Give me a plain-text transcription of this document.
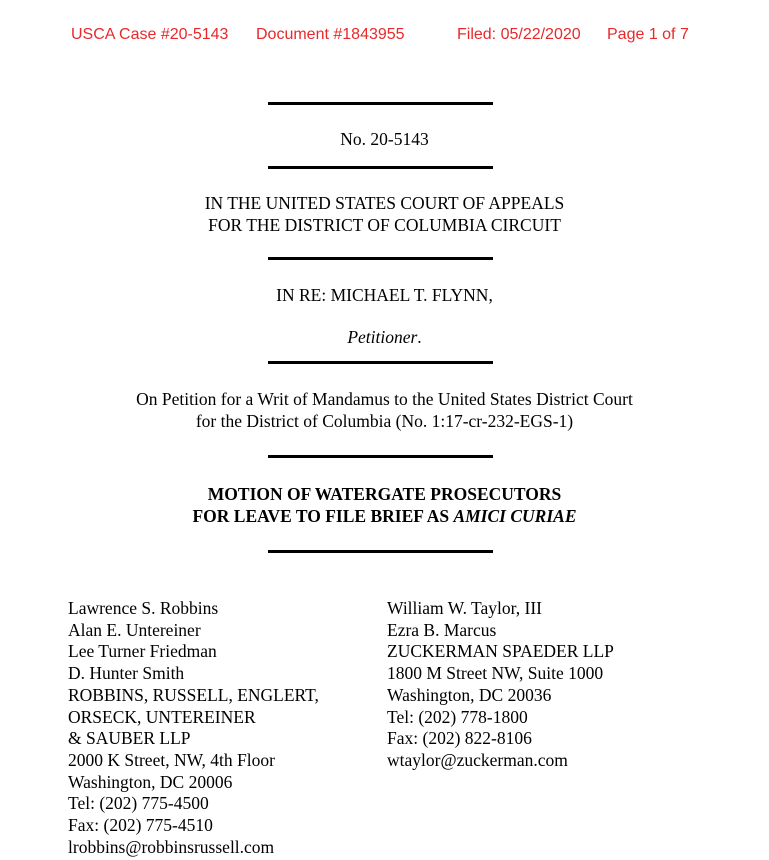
USCA Case #20-5143 Document #1843955	Filed: 05/22/2020 Page 1 of 7
No. 20-5143
IN THE UNITED STATES COURT OF APPEALS
FOR THE DISTRICT OF COLUMBIA CIRCUIT
IN RE: MICHAEL T. FLYNN,
Petitioner.
On Petition for a Writ of Mandamus to the United States District Court
for the District of Columbia (No. 1:17-cr-232-EGS-1)
MOTION OF WATERGATE PROSECUTORS
FOR LEAVE TO FILE BRIEF AS AMICI CURIAE
Lawrence S. Robbins
Alan E. Untereiner
Lee Turner Friedman
D. Hunter Smith
ROBBINS, RUSSELL, ENGLERT,
ORSECK, UNTEREINER
& SAUBER LLP
2000 K Street, NW, 4th Floor
Washington, DC 20006
Tel: (202) 775-4500
Fax: (202) 775-4510
lrobbins@robbinsrussell.com
William W. Taylor, III
Ezra B. Marcus
ZUCKERMAN SPAEDER LLP
1800 M Street NW, Suite 1000
Washington, DC 20036
Tel: (202) 778-1800
Fax: (202) 822-8106
wtaylor@zuckerman.com
